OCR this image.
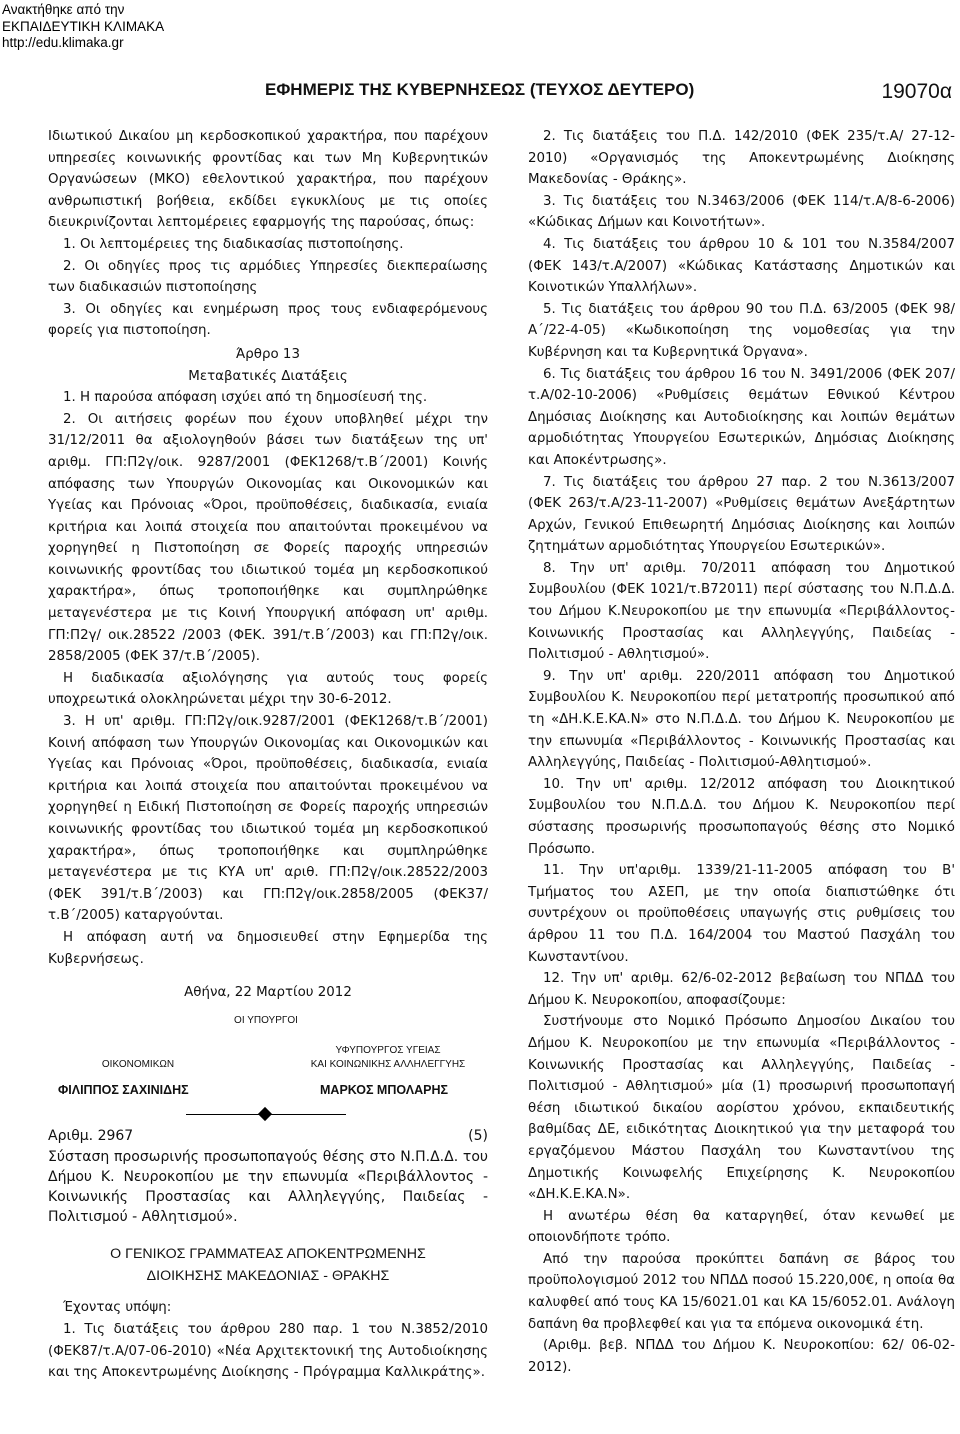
Ανακτήθηκε από την
ΕΚΠΑΙΔΕΥΤΙΚΗ ΚΛΙΜΑΚΑ
http://edu.klimaka.gr
ΕΦΗΜΕΡΙΣ ΤΗΣ ΚΥΒΕΡΝΗΣΕΩΣ (ΤΕΥΧΟΣ ΔΕΥΤΕΡΟ)	19070α

Ιδιωτικού Δικαίου μη κερδοσκοπικού χαρακτήρα, που παρέχουν υπηρεσίες κοινωνικής φροντίδας και των Μη Κυβερνητικών Οργανώσεων (ΜΚΟ) εθελοντικού χαρακτήρα, που παρέχουν ανθρωπιστική βοήθεια, εκδίδει εγκυκλίους με τις οποίες διευκρινίζονται λεπτομέρειες εφαρμογής της παρούσας, όπως:

1. Οι λεπτομέρειες της διαδικασίας πιστοποίησης.

2. Οι οδηγίες προς τις αρμόδιες Υπηρεσίες διεκπεραίωσης των διαδικασιών πιστοποίησης

3. Οι οδηγίες και ενημέρωση προς τους ενδιαφερόμενους φορείς για πιστοποίηση.

Άρθρο 13

Μεταβατικές Διατάξεις

1. Η παρούσα απόφαση ισχύει από τη δημοσίευσή της.

2. Οι αιτήσεις φορέων που έχουν υποβληθεί μέχρι την 31/12/2011 θα αξιολογηθούν βάσει των διατάξεων της υπ' αριθμ. ΓΠ:Π2γ/οικ. 9287/2001 (ΦΕΚ1268/τ.Β΄/2001) Κοινής απόφασης των Υπουργών Οικονομίας και Οικονομικών και Υγείας και Πρόνοιας «Όροι, προϋποθέσεις, διαδικασία, ενιαία κριτήρια και λοιπά στοιχεία που απαιτούνται προκειμένου να χορηγηθεί η Πιστοποίηση σε Φορείς παροχής υπηρεσιών κοινωνικής φροντίδας του ιδιωτικού τομέα μη κερδοσκοπικού χαρακτήρα», όπως τροποποιήθηκε και συμπληρώθηκε μεταγενέστερα με τις Κοινή Υπουργική απόφαση υπ' αριθμ. ΓΠ:Π2γ/ οικ.28522 /2003 (ΦΕΚ. 391/τ.Β΄/2003) και ΓΠ:Π2γ/οικ. 2858/2005 (ΦΕΚ 37/τ.Β΄/2005).

Η διαδικασία αξιολόγησης για αυτούς τους φορείς υποχρεωτικά ολοκληρώνεται μέχρι την 30-6-2012.

3. Η υπ' αριθμ. ΓΠ:Π2γ/οικ.9287/2001 (ΦΕΚ1268/τ.Β΄/2001) Κοινή απόφαση των Υπουργών Οικονομίας και Οικονομικών και Υγείας και Πρόνοιας «Όροι, προϋποθέσεις, διαδικασία, ενιαία κριτήρια και λοιπά στοιχεία που απαιτούνται προκειμένου να χορηγηθεί η Ειδική Πιστοποίηση σε Φορείς παροχής υπηρεσιών κοινωνικής φροντίδας του ιδιωτικού τομέα μη κερδοσκοπικού χαρακτήρα», όπως τροποποιήθηκε και συμπληρώθηκε μεταγενέστερα με τις ΚΥΑ υπ' αριθ. ΓΠ:Π2γ/οικ.28522/2003 (ΦΕΚ 391/τ.Β΄/2003) και ΓΠ:Π2γ/οικ.2858/2005 (ΦΕΚ37/τ.Β΄/2005) καταργούνται.

Η απόφαση αυτή να δημοσιευθεί στην Εφημερίδα της Κυβερνήσεως.

Αθήνα, 22 Μαρτίου 2012

ΟΙ ΥΠΟΥΡΓΟΙ
ΥΦΥΠΟΥΡΓΟΣ ΥΓΕΙΑΣ
ΟΙΚΟΝΟΜΙΚΩΝ	ΚΑΙ ΚΟΙΝΩΝΙΚΗΣ ΑΛΛΗΛΕΓΓΥΗΣ
ΦΙΛΙΠΠΟΣ ΣΑΧΙΝΙΔΗΣ	ΜΑΡΚΟΣ ΜΠΟΛΑΡΗΣ
Αριθμ. 2967	(5)

Σύσταση προσωρινής προσωποπαγούς θέσης στο Ν.Π.Δ.Δ. του Δήμου Κ. Νευροκοπίου με την επωνυμία «Περιβάλλοντος - Κοινωνικής Προστασίας και Αλληλεγγύης, Παιδείας - Πολιτισμού - Αθλητισμού».

Ο ΓΕΝΙΚΟΣ ΓΡΑΜΜΑΤΕΑΣ ΑΠΟΚΕΝΤΡΩΜΕΝΗΣ
ΔΙΟΙΚΗΣΗΣ ΜΑΚΕΔΟΝΙΑΣ - ΘΡΑΚΗΣ

Έχοντας υπόψη:

1. Τις διατάξεις του άρθρου 280 παρ. 1 του Ν.3852/2010 (ΦΕΚ87/τ.Α/07-06-2010) «Νέα Αρχιτεκτονική της Αυτοδιοίκησης και της Αποκεντρωμένης Διοίκησης - Πρόγραμμα Καλλικράτης».

2. Τις διατάξεις του Π.Δ. 142/2010 (ΦΕΚ 235/τ.Α/ 27-12-2010) «Οργανισμός της Αποκεντρωμένης Διοίκησης Μακεδονίας - Θράκης».

3. Τις διατάξεις του Ν.3463/2006 (ΦΕΚ 114/τ.Α/8-6-2006) «Κώδικας Δήμων και Κοινοτήτων».

4. Τις διατάξεις του άρθρου 10 & 101 του Ν.3584/2007 (ΦΕΚ 143/τ.Α/2007) «Κώδικας Κατάστασης Δημοτικών και Κοινοτικών Υπαλλήλων».

5. Τις διατάξεις του άρθρου 90 του Π.Δ. 63/2005 (ΦΕΚ 98/Α΄/22-4-05) «Κωδικοποίηση της νομοθεσίας για την Κυβέρνηση και τα Κυβερνητικά Όργανα».

6. Τις διατάξεις του άρθρου 16 του Ν. 3491/2006 (ΦΕΚ 207/τ.Α/02-10-2006) «Ρυθμίσεις θεμάτων Εθνικού Κέντρου Δημόσιας Διοίκησης και Αυτοδιοίκησης και λοιπών θεμάτων αρμοδιότητας Υπουργείου Εσωτερικών, Δημόσιας Διοίκησης και Αποκέντρωσης».

7. Τις διατάξεις του άρθρου 27 παρ. 2 του Ν.3613/2007 (ΦΕΚ 263/τ.Α/23-11-2007) «Ρυθμίσεις θεμάτων Ανεξάρτητων Αρχών, Γενικού Επιθεωρητή Δημόσιας Διοίκησης και λοιπών ζητημάτων αρμοδιότητας Υπουργείου Εσωτερικών».

8. Την υπ' αριθμ. 70/2011 απόφαση του Δημοτικού Συμβουλίου (ΦΕΚ 1021/τ.Β72011) περί σύστασης του Ν.Π.Δ.Δ. του Δήμου Κ.Νευροκοπίου με την επωνυμία «Περιβάλλοντος-Κοινωνικής Προστασίας και Αλληλεγγύης, Παιδείας - Πολιτισμού - Αθλητισμού».

9. Την υπ' αριθμ. 220/2011 απόφαση του Δημοτικού Συμβουλίου Κ. Νευροκοπίου περί μετατροπής προσωπικού από τη «ΔΗ.Κ.Ε.ΚΑ.Ν» στο Ν.Π.Δ.Δ. του Δήμου Κ. Νευροκοπίου με την επωνυμία «Περιβάλλοντος - Κοινωνικής Προστασίας και Αλληλεγγύης, Παιδείας - Πολιτισμού-Αθλητισμού».

10. Την υπ' αριθμ. 12/2012 απόφαση του Διοικητικού Συμβουλίου του Ν.Π.Δ.Δ. του Δήμου Κ. Νευροκοπίου περί σύστασης προσωρινής προσωποπαγούς θέσης στο Νομικό Πρόσωπο.

11. Την υπ'αριθμ. 1339/21-11-2005 απόφαση του Β' Τμήματος του ΑΣΕΠ, με την οποία διαπιστώθηκε ότι συντρέχουν οι προϋποθέσεις υπαγωγής στις ρυθμίσεις του άρθρου 11 του Π.Δ. 164/2004 του Μαστού Πασχάλη του Κωνσταντίνου.

12. Την υπ' αριθμ. 62/6-02-2012 βεβαίωση του ΝΠΔΔ του Δήμου Κ. Νευροκοπίου, αποφασίζουμε:

Συστήνουμε στο Νομικό Πρόσωπο Δημοσίου Δικαίου του Δήμου Κ. Νευροκοπίου με την επωνυμία «Περιβάλλοντος - Κοινωνικής Προστασίας και Αλληλεγγύης, Παιδείας - Πολιτισμού - Αθλητισμού» μία (1) προσωρινή προσωποπαγή θέση ιδιωτικού δικαίου αορίστου χρόνου, εκπαιδευτικής βαθμίδας ΔΕ, ειδικότητας Διοικητικού για την μεταφορά του εργαζόμενου Μάστου Πασχάλη του Κωνσταντίνου της Δημοτικής Κοινωφελής Επιχείρησης Κ. Νευροκοπίου «ΔΗ.Κ.Ε.ΚΑ.Ν».

Η ανωτέρω θέση θα καταργηθεί, όταν κενωθεί με οποιονδήποτε τρόπο.

Από την παρούσα προκύπτει δαπάνη σε βάρος του προϋπολογισμού 2012 του ΝΠΔΔ ποσού 15.220,00€, η οποία θα καλυφθεί από τους ΚΑ 15/6021.01 και ΚΑ 15/6052.01. Ανάλογη δαπάνη θα προβλεφθεί και για τα επόμενα οικονομικά έτη.

(Αριθμ. βεβ. ΝΠΔΔ του Δήμου Κ. Νευροκοπίου: 62/ 06-02-2012).
